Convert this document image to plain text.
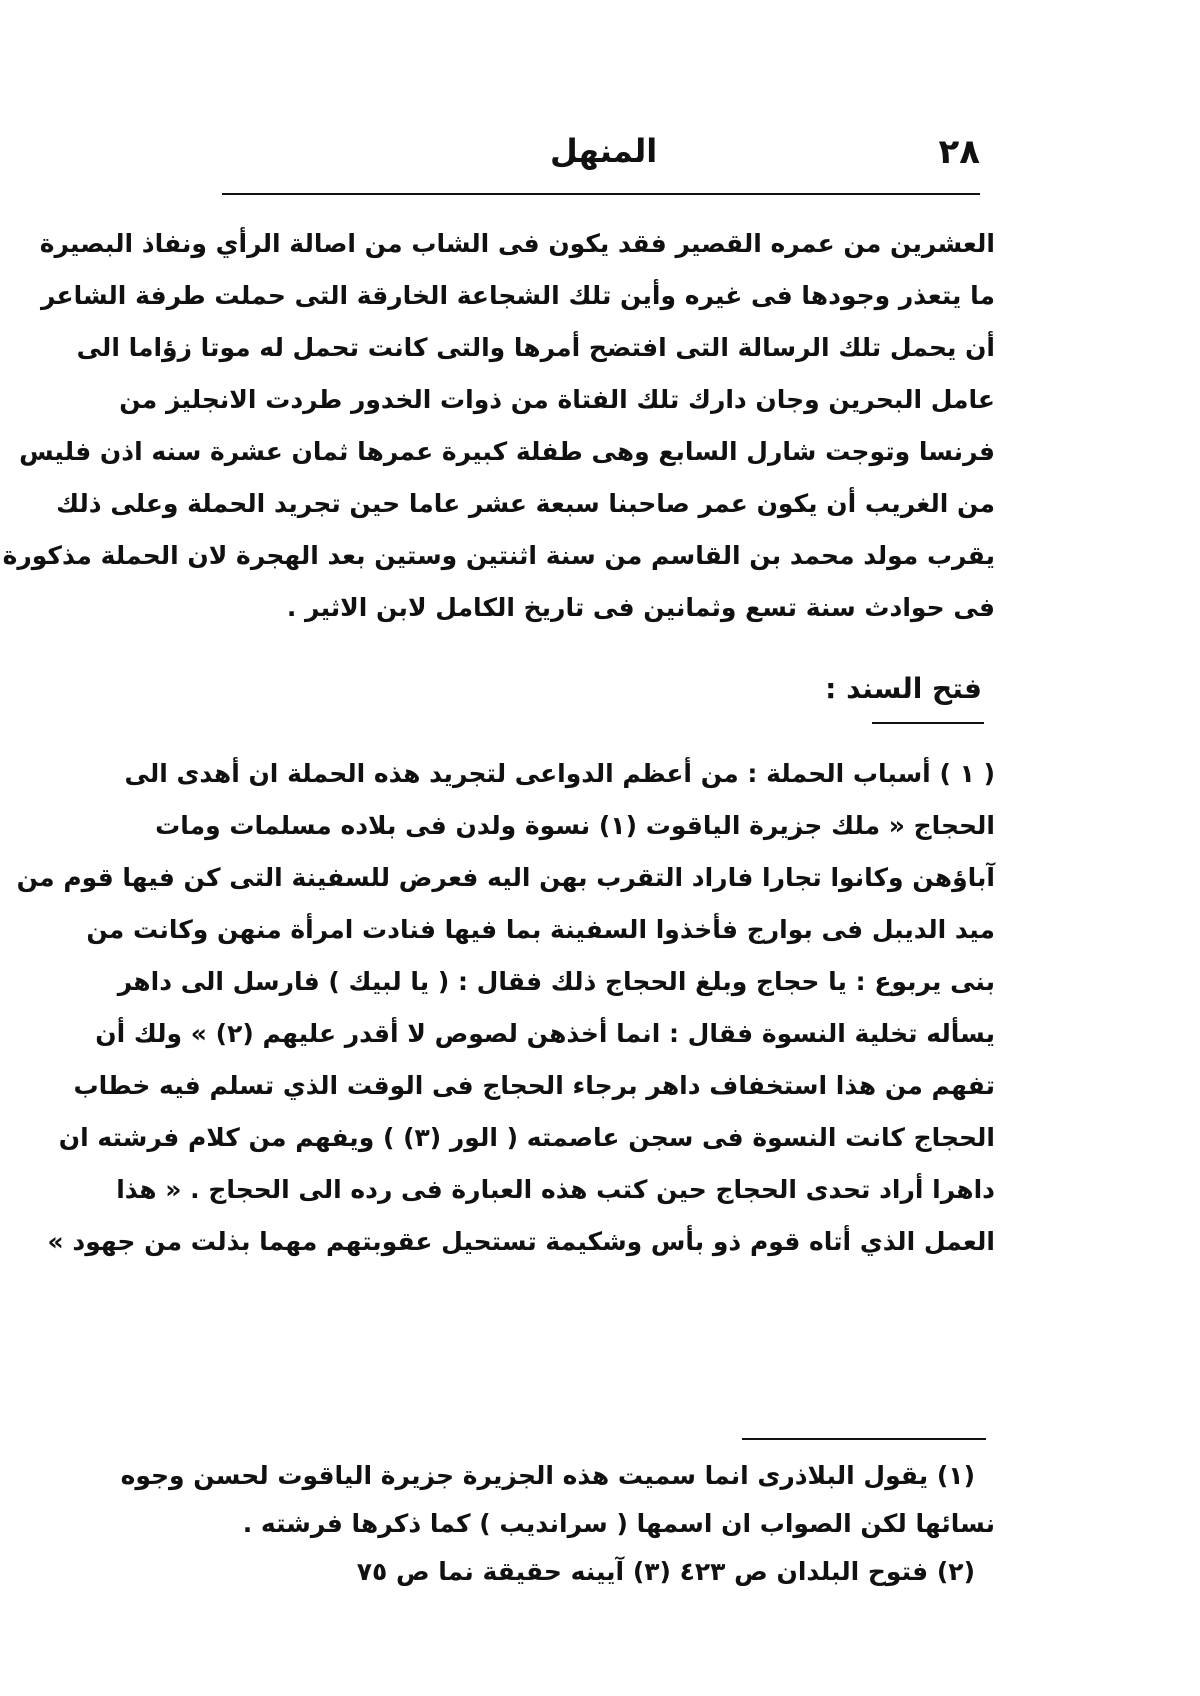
٢٨
المنهل
العشرين من عمره القصير فقد يكون فى الشاب من اصالة الرأي ونفاذ البصيرة
ما يتعذر وجودها فى غيره وأين تلك الشجاعة الخارقة التى حملت طرفة الشاعر
أن يحمل تلك الرسالة التى افتضح أمرها والتى كانت تحمل له موتا زؤاما الى
عامل البحرين وجان دارك تلك الفتاة من ذوات الخدور طردت الانجليز من
فرنسا وتوجت شارل السابع وهى طفلة كبيرة عمرها ثمان عشرة سنه اذن فليس
من الغريب أن يكون عمر صاحبنا سبعة عشر عاما حين تجريد الحملة وعلى ذلك
يقرب مولد محمد بن القاسم من سنة اثنتين وستين بعد الهجرة لان الحملة مذكورة
فى حوادث سنة تسع وثمانين فى تاريخ الكامل لابن الاثير .
فتح السند :
( ١ ) أسباب الحملة : من أعظم الدواعى لتجريد هذه الحملة ان أهدى الى
الحجاج « ملك جزيرة الياقوت (١) نسوة ولدن فى بلاده مسلمات ومات
آباؤهن وكانوا تجارا فاراد التقرب بهن اليه فعرض للسفينة التى كن فيها قوم من
ميد الديبل فى بوارج فأخذوا السفينة بما فيها فنادت امرأة منهن وكانت من
بنى يربوع : يا حجاج وبلغ الحجاج ذلك فقال : ( يا لبيك ) فارسل الى داهر
يسأله تخلية النسوة فقال : انما أخذهن لصوص لا أقدر عليهم (٢) » ولك أن
تفهم من هذا استخفاف داهر برجاء الحجاج فى الوقت الذي تسلم فيه خطاب
الحجاج كانت النسوة فى سجن عاصمته ( الور (٣) ) ويفهم من كلام فرشته ان
داهرا أراد تحدى الحجاج حين كتب هذه العبارة فى رده الى الحجاج . « هذا
العمل الذي أتاه قوم ذو بأس وشكيمة تستحيل عقوبتهم مهما بذلت من جهود »
(١) يقول البلاذرى انما سميت هذه الجزيرة جزيرة الياقوت لحسن وجوه
نسائها لكن الصواب ان اسمها ( سرانديب ) كما ذكرها فرشته .
(٢) فتوح البلدان ص ٤٢٣ (٣) آيينه حقيقة نما ص ٧٥
